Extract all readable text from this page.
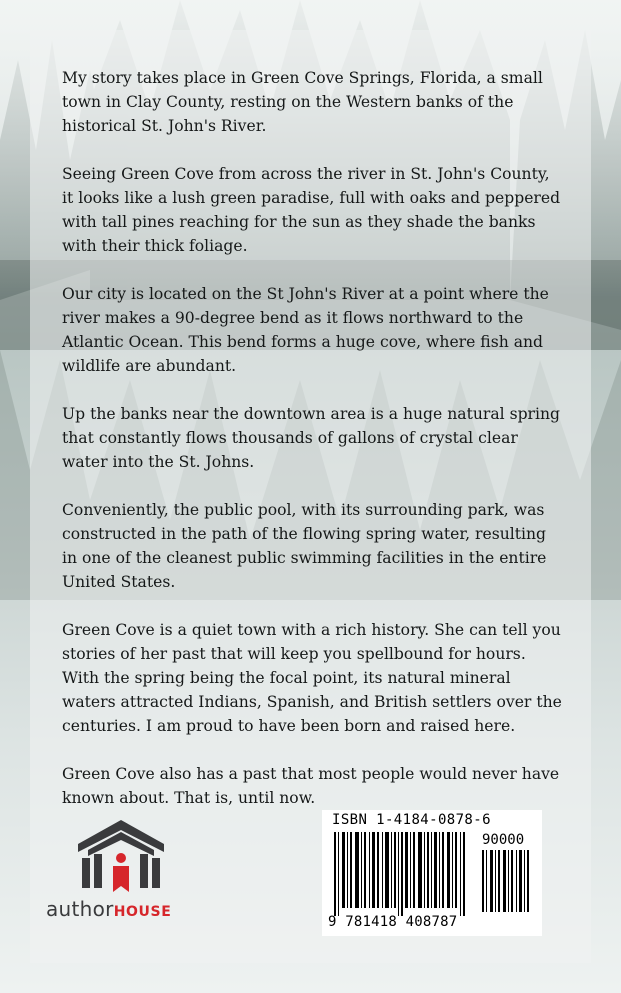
My story takes place in Green Cove Springs, Florida, a small town in Clay County, resting on the Western banks of the historical St. John's River.

Seeing Green Cove from across the river in St. John's County, it looks like a lush green paradise, full with oaks and peppered with tall pines reaching for the sun as they shade the banks with their thick foliage.

Our city is located on the St John's River at a point where the river makes a 90-degree bend as it flows northward to the Atlantic Ocean. This bend forms a huge cove, where fish and wildlife are abundant.

Up the banks near the downtown area is a huge natural spring that constantly flows thousands of gallons of crystal clear water into the St. Johns.

Conveniently, the public pool, with its surrounding park, was constructed in the path of the flowing spring water, resulting in one of the cleanest public swimming facilities in the entire United States.

Green Cove is a quiet town with a rich history. She can tell you stories of her past that will keep you spellbound for hours. With the spring being the focal point, its natural mineral waters attracted Indians, Spanish, and British settlers over the centuries. I am proud to have been born and raised here.

Green Cove also has a past that most people would never have known about. That is, until now.

authorHOUSE
ISBN 1-4184-0878-6
90000
9 781418 408787
